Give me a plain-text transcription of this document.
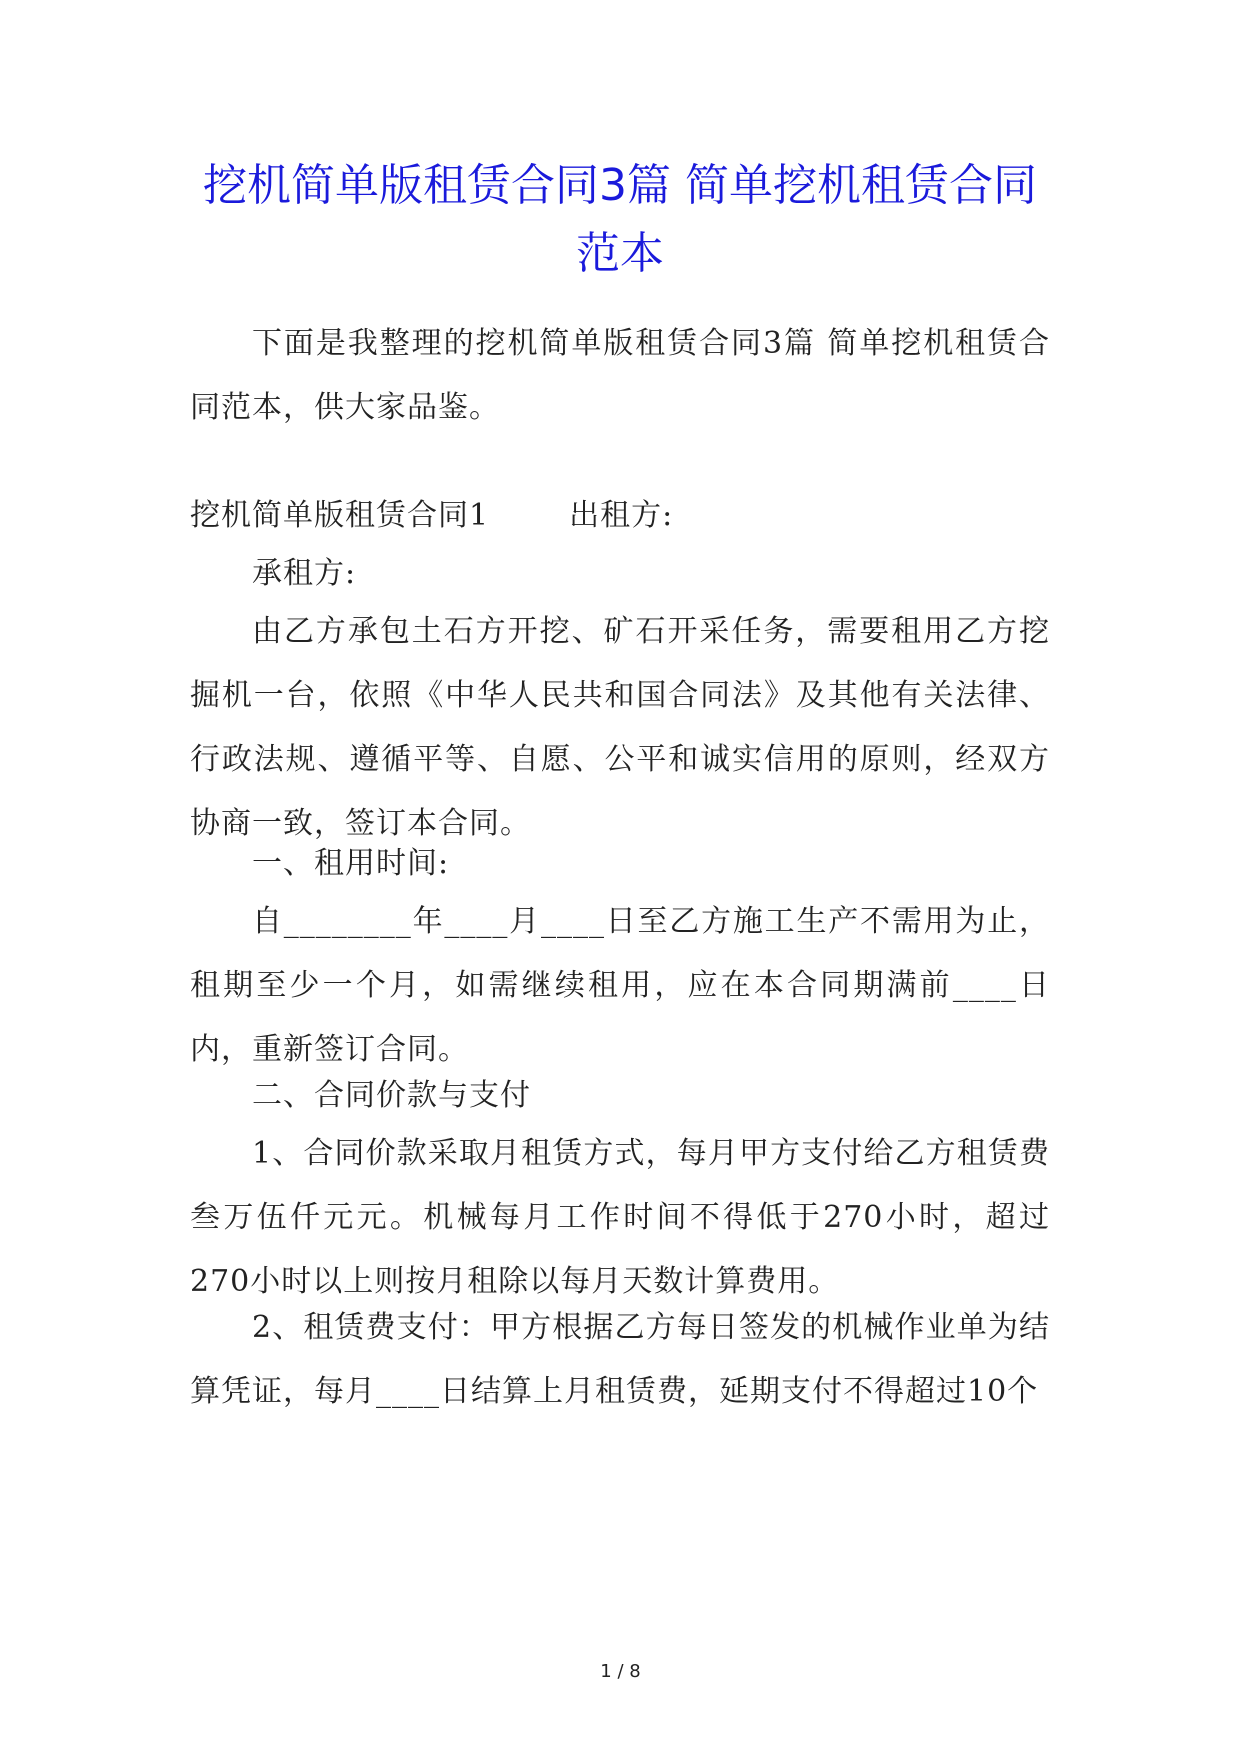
挖机简单版租赁合同3篇 简单挖机租赁合同范本

下面是我整理的挖机简单版租赁合同3篇 简单挖机租赁合同范本，供大家品鉴。

挖机简单版租赁合同1	出租方:

承租方:

由乙方承包土石方开挖、矿石开采任务，需要租用乙方挖掘机一台，依照《中华人民共和国合同法》及其他有关法律、行政法规、遵循平等、自愿、公平和诚实信用的原则，经双方协商一致，签订本合同。

一、租用时间:

自________年____月____日至乙方施工生产不需用为止，租期至少一个月，如需继续租用，应在本合同期满前____日内，重新签订合同。

二、合同价款与支付

1、合同价款采取月租赁方式，每月甲方支付给乙方租赁费叁万伍仟元元。机械每月工作时间不得低于270小时，超过270小时以上则按月租除以每月天数计算费用。

2、租赁费支付：甲方根据乙方每日签发的机械作业单为结算凭证，每月____日结算上月租赁费，延期支付不得超过10个

1 / 8
